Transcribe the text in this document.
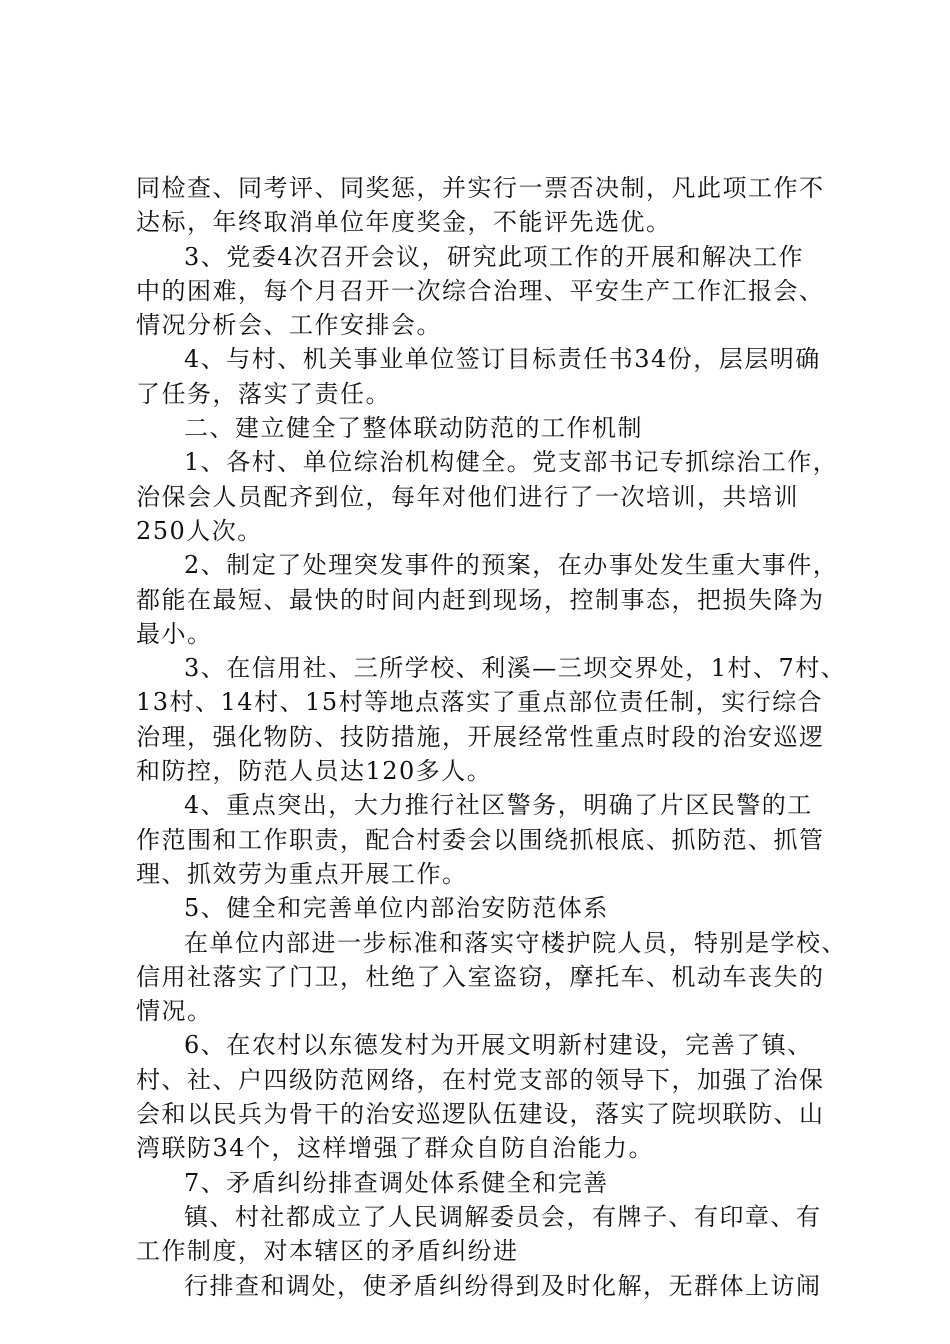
同检查、同考评、同奖惩，并实行一票否决制，凡此项工作不
达标，年终取消单位年度奖金，不能评先选优。
3、党委4次召开会议，研究此项工作的开展和解决工作
中的困难，每个月召开一次综合治理、平安生产工作汇报会、
情况分析会、工作安排会。
4、与村、机关事业单位签订目标责任书34份，层层明确
了任务，落实了责任。
二、建立健全了整体联动防范的工作机制
1、各村、单位综治机构健全。党支部书记专抓综治工作，
治保会人员配齐到位，每年对他们进行了一次培训，共培训
250人次。
2、制定了处理突发事件的预案，在办事处发生重大事件，
都能在最短、最快的时间内赶到现场，控制事态，把损失降为
最小。
3、在信用社、三所学校、利溪—三坝交界处，1村、7村、
13村、14村、15村等地点落实了重点部位责任制，实行综合
治理，强化物防、技防措施，开展经常性重点时段的治安巡逻
和防控，防范人员达120多人。
4、重点突出，大力推行社区警务，明确了片区民警的工
作范围和工作职责，配合村委会以围绕抓根底、抓防范、抓管
理、抓效劳为重点开展工作。
5、健全和完善单位内部治安防范体系
在单位内部进一步标准和落实守楼护院人员，特别是学校、
信用社落实了门卫，杜绝了入室盗窃，摩托车、机动车丧失的
情况。
6、在农村以东德发村为开展文明新村建设，完善了镇、
村、社、户四级防范网络，在村党支部的领导下，加强了治保
会和以民兵为骨干的治安巡逻队伍建设，落实了院坝联防、山
湾联防34个，这样增强了群众自防自治能力。
7、矛盾纠纷排查调处体系健全和完善
镇、村社都成立了人民调解委员会，有牌子、有印章、有
工作制度，对本辖区的矛盾纠纷进
行排查和调处，使矛盾纠纷得到及时化解，无群体上访闹
